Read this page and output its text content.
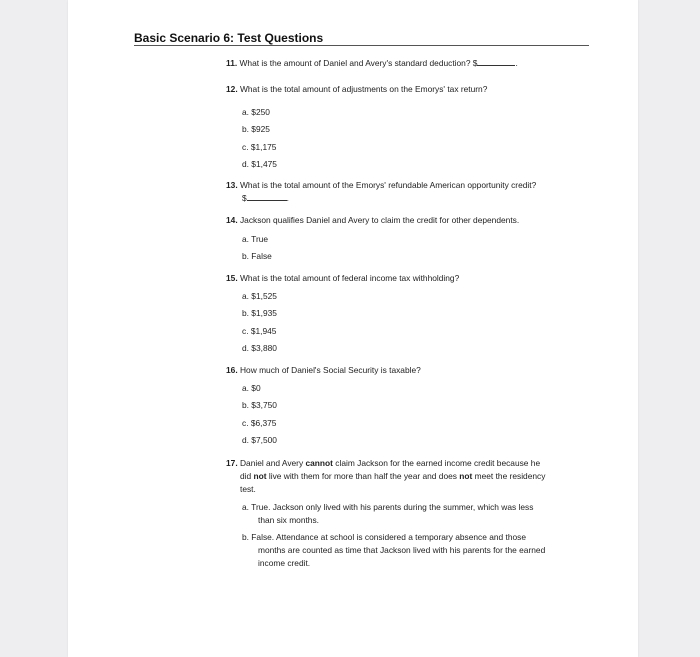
Basic Scenario 6: Test Questions
11. What is the amount of Daniel and Avery's standard deduction? $	.
12. What is the total amount of adjustments on the Emorys' tax return?
a. $250
b. $925
c. $1,175
d. $1,475
13. What is the total amount of the Emorys' refundable American opportunity credit?
$	.
14. Jackson qualifies Daniel and Avery to claim the credit for other dependents.
a. True
b. False
15. What is the total amount of federal income tax withholding?
a. $1,525
b. $1,935
c. $1,945
d. $3,880
16. How much of Daniel's Social Security is taxable?
a. $0
b. $3,750
c. $6,375
d. $7,500
17. Daniel and Avery cannot claim Jackson for the earned income credit because he
did not live with them for more than half the year and does not meet the residency
test.
a. True. Jackson only lived with his parents during the summer, which was less
than six months.
b. False. Attendance at school is considered a temporary absence and those
months are counted as time that Jackson lived with his parents for the earned
income credit.
